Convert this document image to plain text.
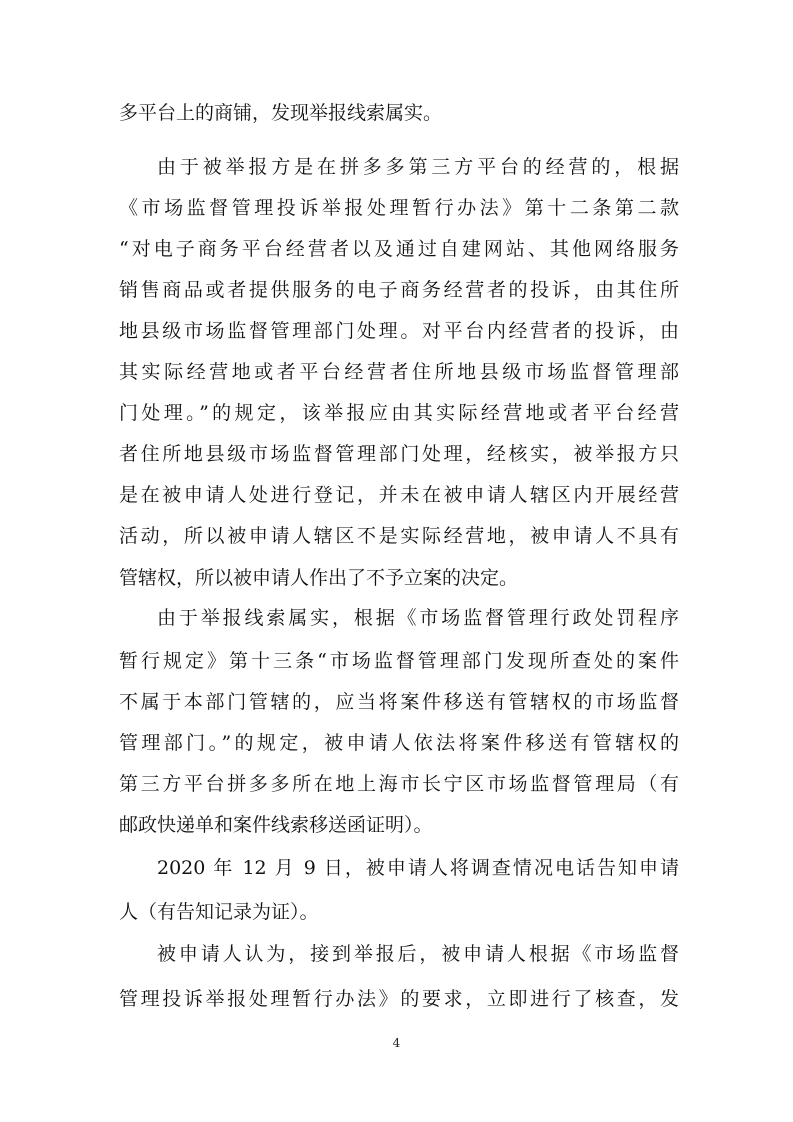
多平台上的商铺，发现举报线索属实。
由于被举报方是在拼多多第三方平台的经营的，根据
《市场监督管理投诉举报处理暂行办法》第十二条第二款
“对电子商务平台经营者以及通过自建网站、其他网络服务
销售商品或者提供服务的电子商务经营者的投诉，由其住所
地县级市场监督管理部门处理。对平台内经营者的投诉，由
其实际经营地或者平台经营者住所地县级市场监督管理部
门处理。”的规定，该举报应由其实际经营地或者平台经营
者住所地县级市场监督管理部门处理，经核实，被举报方只
是在被申请人处进行登记，并未在被申请人辖区内开展经营
活动，所以被申请人辖区不是实际经营地，被申请人不具有
管辖权，所以被申请人作出了不予立案的决定。
由于举报线索属实，根据《市场监督管理行政处罚程序
暂行规定》第十三条“市场监督管理部门发现所查处的案件
不属于本部门管辖的，应当将案件移送有管辖权的市场监督
管理部门。”的规定，被申请人依法将案件移送有管辖权的
第三方平台拼多多所在地上海市长宁区市场监督管理局（有
邮政快递单和案件线索移送函证明）。
2020 年 12 月 9 日，被申请人将调查情况电话告知申请
人（有告知记录为证）。
被申请人认为，接到举报后，被申请人根据《市场监督
管理投诉举报处理暂行办法》的要求，立即进行了核查，发
4
